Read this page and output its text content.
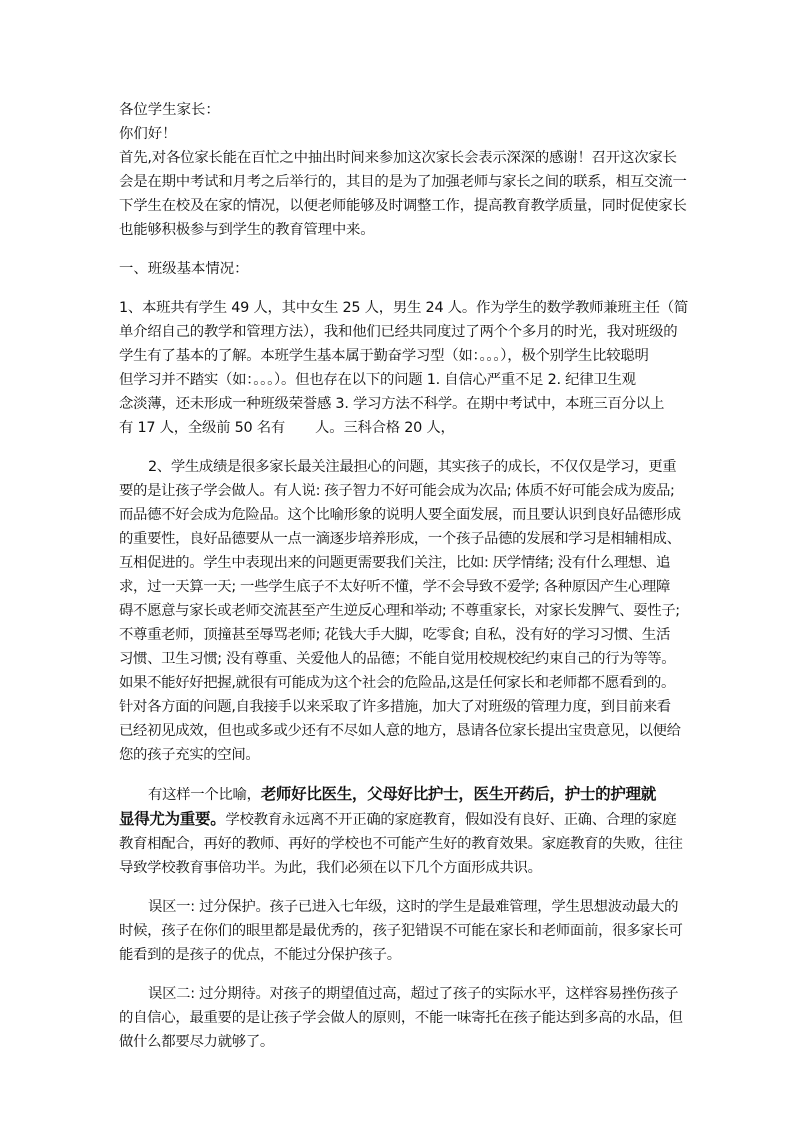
各位学生家长：
你们好！
首先,对各位家长能在百忙之中抽出时间来参加这次家长会表示深深的感谢！召开这次家长
会是在期中考试和月考之后举行的，其目的是为了加强老师与家长之间的联系，相互交流一
下学生在校及在家的情况，以便老师能够及时调整工作，提高教育教学质量，同时促使家长
也能够积极参与到学生的教育管理中来。
一、班级基本情况：
1、本班共有学生 49 人，其中女生 25 人，男生 24 人。作为学生的数学教师兼班主任（简
单介绍自己的教学和管理方法），我和他们已经共同度过了两个个多月的时光，我对班级的
学生有了基本的了解。本班学生基本属于勤奋学习型（如：。。。），极个别学生比较聪明
但学习并不踏实（如：。。。）。但也存在以下的问题 1. 自信心严重不足 2. 纪律卫生观
念淡薄，还未形成一种班级荣誉感 3. 学习方法不科学。在期中考试中，本班三百分以上
有 17 人，全级前 50 名有 人。三科合格 20 人，
2、学生成绩是很多家长最关注最担心的问题，其实孩子的成长，不仅仅是学习，更重
要的是让孩子学会做人。有人说: 孩子智力不好可能会成为次品; 体质不好可能会成为废品;
而品德不好会成为危险品。这个比喻形象的说明人要全面发展，而且要认识到良好品德形成
的重要性，良好品德要从一点一滴逐步培养形成，一个孩子品德的发展和学习是相辅相成、
互相促进的。学生中表现出来的问题更需要我们关注，比如: 厌学情绪; 没有什么理想、追
求，过一天算一天; 一些学生底子不太好听不懂，学不会导致不爱学; 各种原因产生心理障
碍不愿意与家长或老师交流甚至产生逆反心理和举动; 不尊重家长，对家长发脾气、耍性子;
不尊重老师，顶撞甚至辱骂老师; 花钱大手大脚，吃零食; 自私，没有好的学习习惯、生活
习惯、卫生习惯; 没有尊重、关爱他人的品德；不能自觉用校规校纪约束自己的行为等等。
如果不能好好把握,就很有可能成为这个社会的危险品,这是任何家长和老师都不愿看到的。
针对各方面的问题,自我接手以来采取了许多措施，加大了对班级的管理力度，到目前来看
已经初见成效，但也或多或少还有不尽如人意的地方，恳请各位家长提出宝贵意见，以便给
您的孩子充实的空间。
有这样一个比喻，老师好比医生，父母好比护士，医生开药后，护士的护理就
显得尤为重要。学校教育永远离不开正确的家庭教育，假如没有良好、正确、合理的家庭
教育相配合，再好的教师、再好的学校也不可能产生好的教育效果。家庭教育的失败，往往
导致学校教育事倍功半。为此，我们必须在以下几个方面形成共识。
误区一: 过分保护。孩子已进入七年级，这时的学生是最难管理，学生思想波动最大的
时候，孩子在你们的眼里都是最优秀的，孩子犯错误不可能在家长和老师面前，很多家长可
能看到的是孩子的优点，不能过分保护孩子。
误区二: 过分期待。对孩子的期望值过高，超过了孩子的实际水平，这样容易挫伤孩子
的自信心，最重要的是让孩子学会做人的原则，不能一味寄托在孩子能达到多高的水品，但
做什么都要尽力就够了。
